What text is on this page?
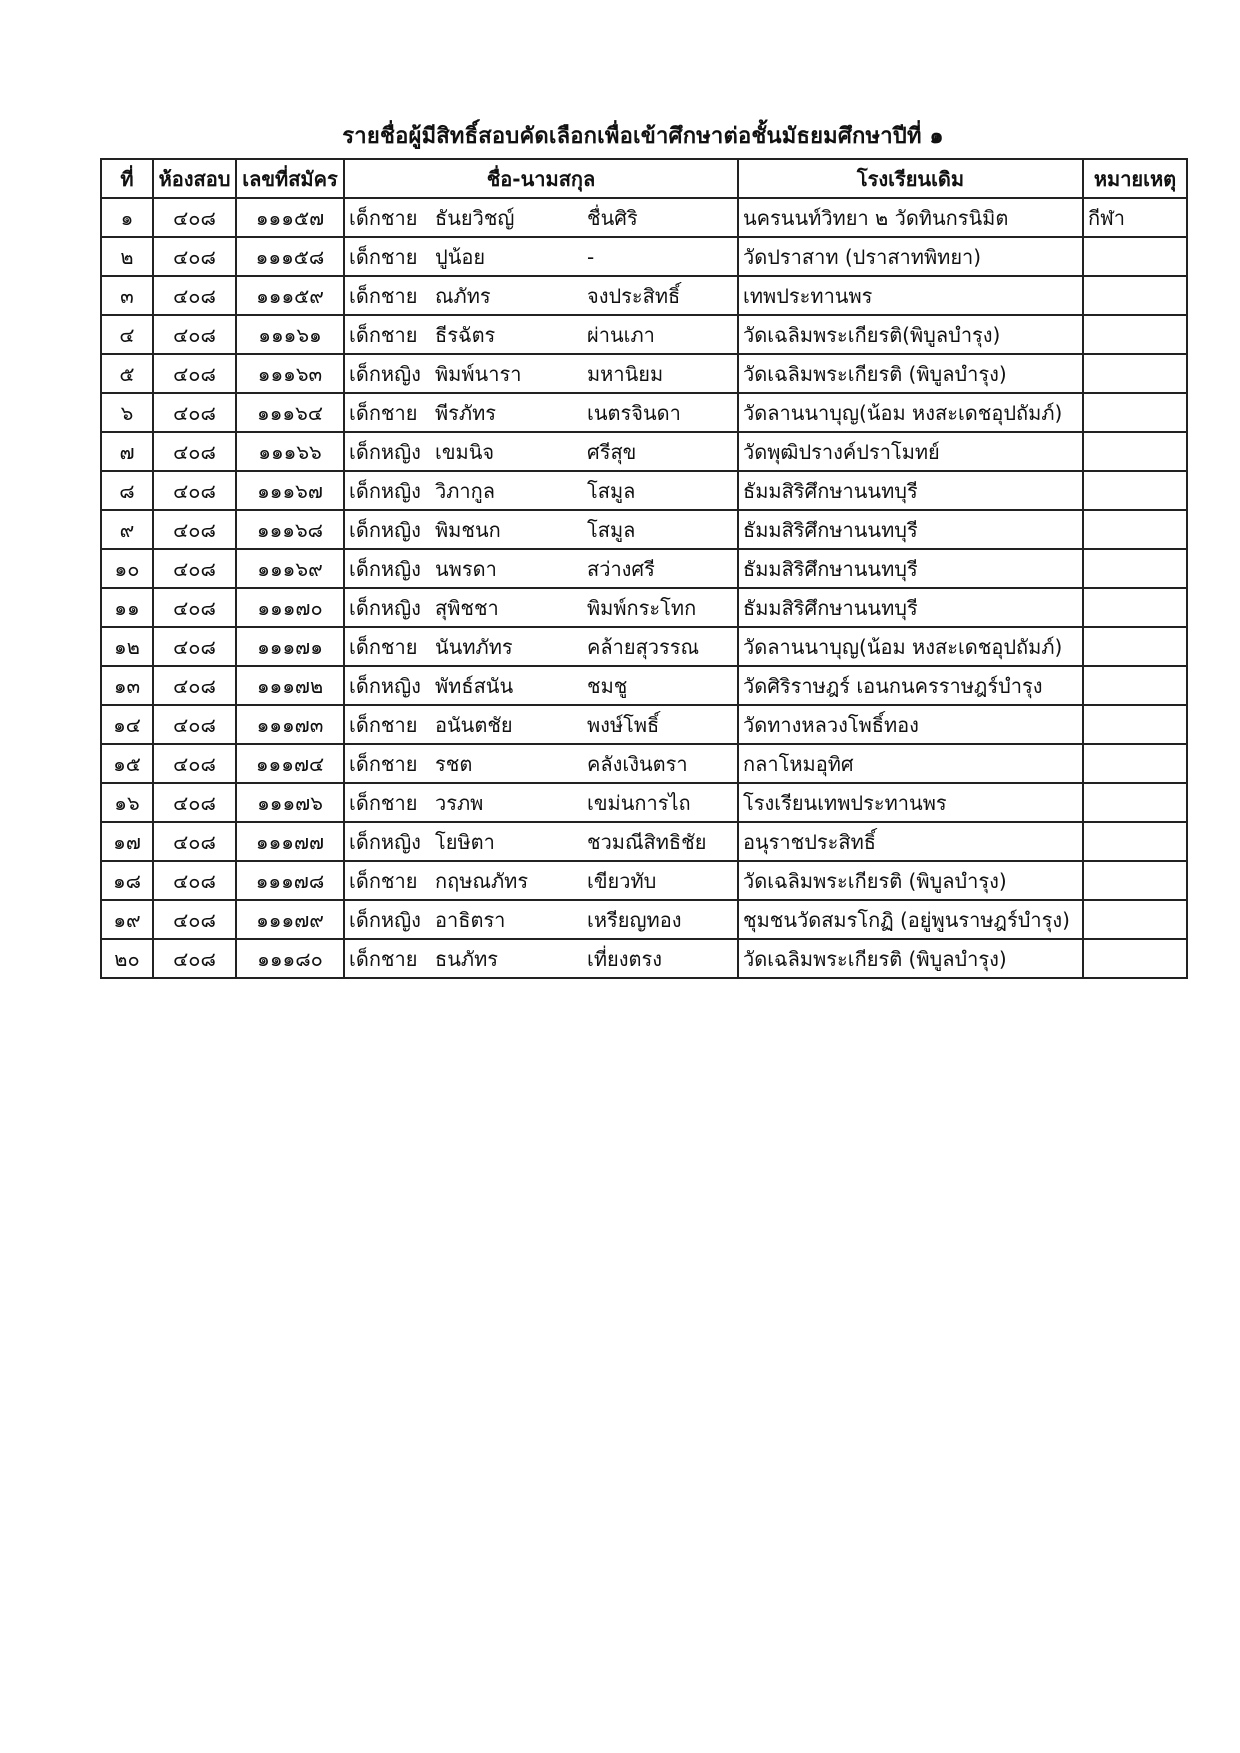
รายชื่อผู้มีสิทธิ์สอบคัดเลือกเพื่อเข้าศึกษาต่อชั้นมัธยมศึกษาปีที่ ๑
ที่	ห้องสอบ	เลขที่สมัคร	ชื่อ-นามสกุล	โรงเรียนเดิม	หมายเหตุ
๑	๔๐๘	๑๑๑๕๗	เด็กชาย ธันยวิชญ์ ชื่นศิริ	นครนนท์วิทยา ๒ วัดทินกรนิมิต	กีฬา
๒	๔๐๘	๑๑๑๕๘	เด็กชาย ปูน้อย -	วัดปราสาท (ปราสาทพิทยา)	
๓	๔๐๘	๑๑๑๕๙	เด็กชาย ณภัทร จงประสิทธิ์	เทพประทานพร	
๔	๔๐๘	๑๑๑๖๑	เด็กชาย ธีรฉัตร ผ่านเภา	วัดเฉลิมพระเกียรติ(พิบูลบำรุง)	
๕	๔๐๘	๑๑๑๖๓	เด็กหญิง พิมพ์นารา มหานิยม	วัดเฉลิมพระเกียรติ (พิบูลบำรุง)	
๖	๔๐๘	๑๑๑๖๔	เด็กชาย พีรภัทร เนตรจินดา	วัดลานนาบุญ(น้อม หงสะเดชอุปถัมภ์)	
๗	๔๐๘	๑๑๑๖๖	เด็กหญิง เขมนิจ ศรีสุข	วัดพุฒิปรางค์ปราโมทย์	
๘	๔๐๘	๑๑๑๖๗	เด็กหญิง วิภากูล โสมูล	ธัมมสิริศึกษานนทบุรี	
๙	๔๐๘	๑๑๑๖๘	เด็กหญิง พิมชนก โสมูล	ธัมมสิริศึกษานนทบุรี	
๑๐	๔๐๘	๑๑๑๖๙	เด็กหญิง นพรดา สว่างศรี	ธัมมสิริศึกษานนทบุรี	
๑๑	๔๐๘	๑๑๑๗๐	เด็กหญิง สุพิชชา พิมพ์กระโทก	ธัมมสิริศึกษานนทบุรี	
๑๒	๔๐๘	๑๑๑๗๑	เด็กชาย นันทภัทร คล้ายสุวรรณ	วัดลานนาบุญ(น้อม หงสะเดชอุปถัมภ์)	
๑๓	๔๐๘	๑๑๑๗๒	เด็กหญิง พัทธ์สนัน ชมชู	วัดศิริราษฎร์ เอนกนครราษฎร์บำรุง	
๑๔	๔๐๘	๑๑๑๗๓	เด็กชาย อนันตชัย พงษ์โพธิ์	วัดทางหลวงโพธิ์ทอง	
๑๕	๔๐๘	๑๑๑๗๔	เด็กชาย รชต คลังเงินตรา	กลาโหมอุทิศ	
๑๖	๔๐๘	๑๑๑๗๖	เด็กชาย วรภพ เขม่นการไถ	โรงเรียนเทพประทานพร	
๑๗	๔๐๘	๑๑๑๗๗	เด็กหญิง โยษิตา ชวมณีสิทธิชัย	อนุราชประสิทธิ์	
๑๘	๔๐๘	๑๑๑๗๘	เด็กชาย กฤษณภัทร เขียวทับ	วัดเฉลิมพระเกียรติ (พิบูลบำรุง)	
๑๙	๔๐๘	๑๑๑๗๙	เด็กหญิง อาธิตรา เหรียญทอง	ชุมชนวัดสมรโกฏิ (อยู่พูนราษฎร์บำรุง)	
๒๐	๔๐๘	๑๑๑๘๐	เด็กชาย ธนภัทร เที่ยงตรง	วัดเฉลิมพระเกียรติ (พิบูลบำรุง)	
